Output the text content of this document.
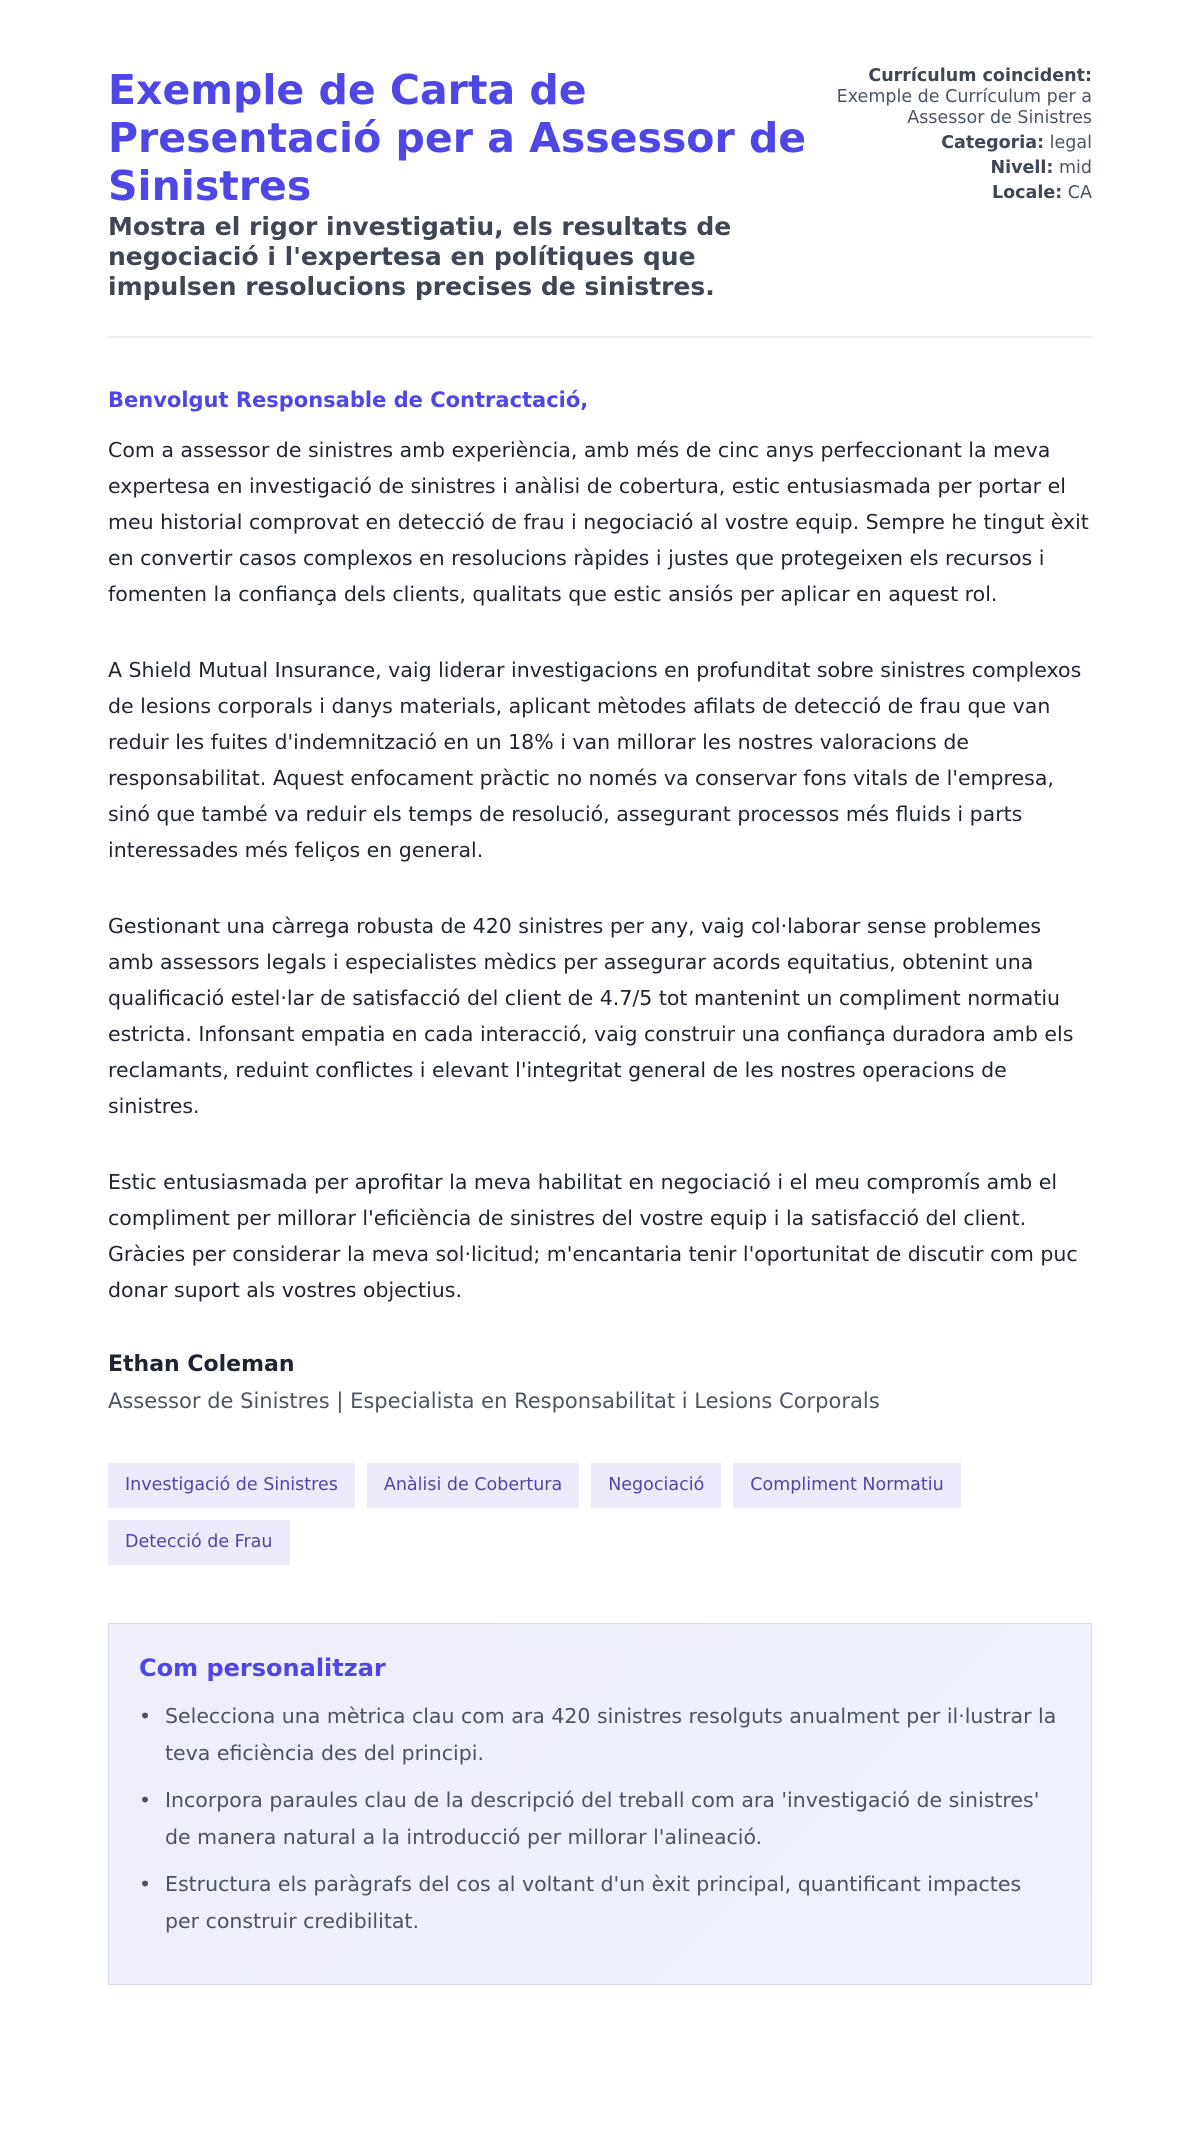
Exemple de Carta de Presentació per a Assessor de Sinistres
Mostra el rigor investigatiu, els resultats de negociació i l'expertesa en polítiques que impulsen resolucions precises de sinistres.
Currículum coincident:
Exemple de Currículum per a Assessor de Sinistres
Categoria: legal
Nivell: mid
Locale: CA
Benvolgut Responsable de Contractació,

Com a assessor de sinistres amb experiència, amb més de cinc anys perfeccionant la meva expertesa en investigació de sinistres i anàlisi de cobertura, estic entusiasmada per portar el meu historial comprovat en detecció de frau i negociació al vostre equip. Sempre he tingut èxit en convertir casos complexos en resolucions ràpides i justes que protegeixen els recursos i fomenten la confiança dels clients, qualitats que estic ansiós per aplicar en aquest rol.

A Shield Mutual Insurance, vaig liderar investigacions en profunditat sobre sinistres complexos de lesions corporals i danys materials, aplicant mètodes afilats de detecció de frau que van reduir les fuites d'indemnització en un 18% i van millorar les nostres valoracions de responsabilitat. Aquest enfocament pràctic no només va conservar fons vitals de l'empresa, sinó que també va reduir els temps de resolució, assegurant processos més fluids i parts interessades més feliços en general.

Gestionant una càrrega robusta de 420 sinistres per any, vaig col·laborar sense problemes amb assessors legals i especialistes mèdics per assegurar acords equitatius, obtenint una qualificació estel·lar de satisfacció del client de 4.7/5 tot mantenint un compliment normatiu estricta. Infonsant empatia en cada interacció, vaig construir una confiança duradora amb els reclamants, reduint conflictes i elevant l'integritat general de les nostres operacions de sinistres.

Estic entusiasmada per aprofitar la meva habilitat en negociació i el meu compromís amb el compliment per millorar l'eficiència de sinistres del vostre equip i la satisfacció del client. Gràcies per considerar la meva sol·licitud; m'encantaria tenir l'oportunitat de discutir com puc donar suport als vostres objectius.

Ethan Coleman
Assessor de Sinistres | Especialista en Responsabilitat i Lesions Corporals
Investigació de Sinistres	Anàlisi de Cobertura	Negociació	Compliment Normatiu
Detecció de Frau
Com personalitzar
• Selecciona una mètrica clau com ara 420 sinistres resolguts anualment per il·lustrar la teva eficiència des del principi.
• Incorpora paraules clau de la descripció del treball com ara 'investigació de sinistres' de manera natural a la introducció per millorar l'alineació.
• Estructura els paràgrafs del cos al voltant d'un èxit principal, quantificant impactes per construir credibilitat.
